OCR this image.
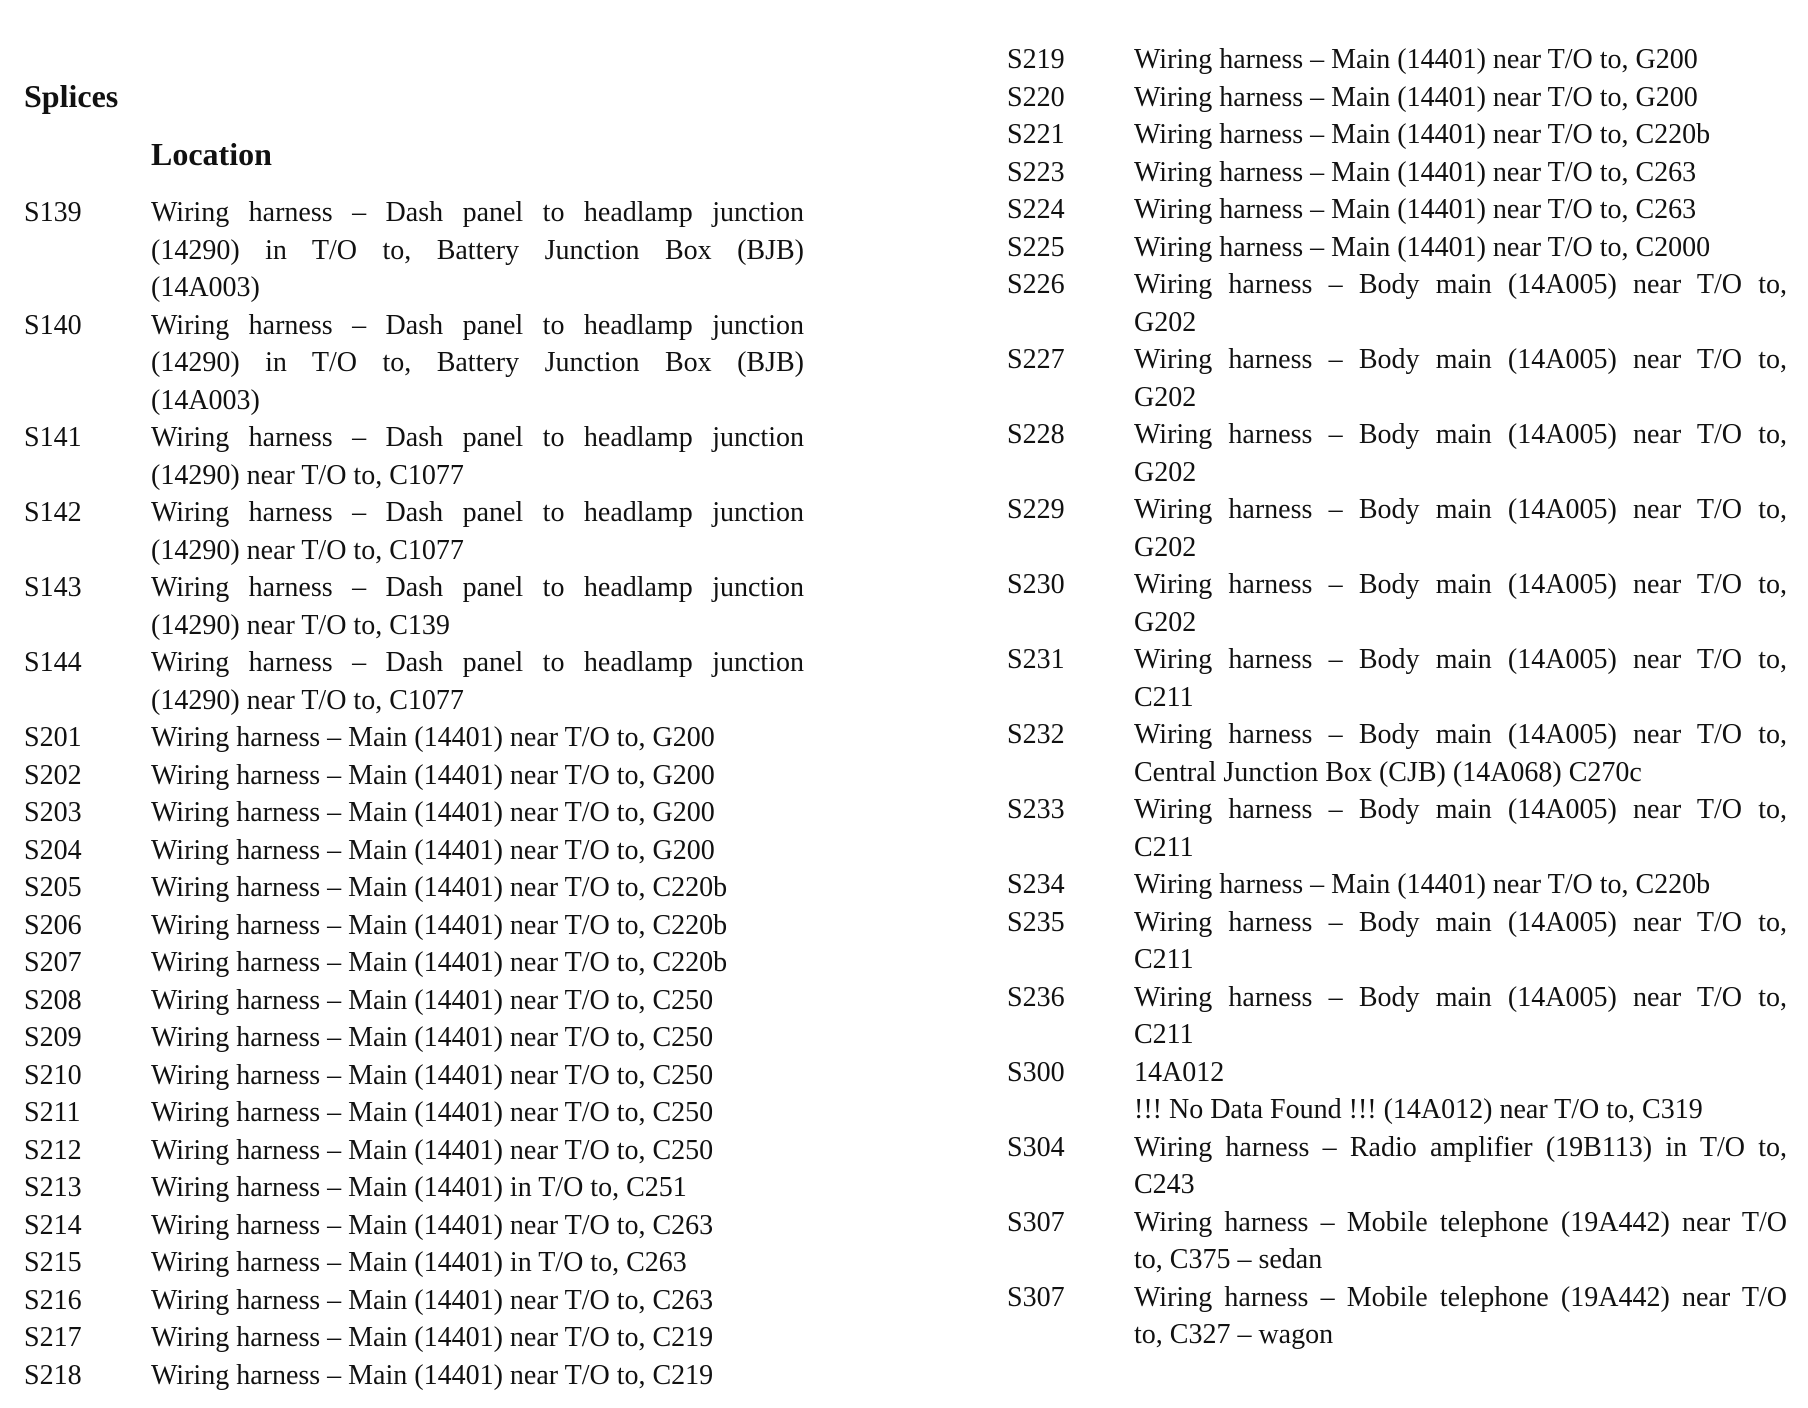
Splices
Location
S139	Wiring harness – Dash panel to headlamp junction
(14290) in T/O to, Battery Junction Box (BJB)
(14A003)
S140	Wiring harness – Dash panel to headlamp junction
(14290) in T/O to, Battery Junction Box (BJB)
(14A003)
S141	Wiring harness – Dash panel to headlamp junction
(14290) near T/O to, C1077
S142	Wiring harness – Dash panel to headlamp junction
(14290) near T/O to, C1077
S143	Wiring harness – Dash panel to headlamp junction
(14290) near T/O to, C139
S144	Wiring harness – Dash panel to headlamp junction
(14290) near T/O to, C1077
S201	Wiring harness – Main (14401) near T/O to, G200
S202	Wiring harness – Main (14401) near T/O to, G200
S203	Wiring harness – Main (14401) near T/O to, G200
S204	Wiring harness – Main (14401) near T/O to, G200
S205	Wiring harness – Main (14401) near T/O to, C220b
S206	Wiring harness – Main (14401) near T/O to, C220b
S207	Wiring harness – Main (14401) near T/O to, C220b
S208	Wiring harness – Main (14401) near T/O to, C250
S209	Wiring harness – Main (14401) near T/O to, C250
S210	Wiring harness – Main (14401) near T/O to, C250
S211	Wiring harness – Main (14401) near T/O to, C250
S212	Wiring harness – Main (14401) near T/O to, C250
S213	Wiring harness – Main (14401) in T/O to, C251
S214	Wiring harness – Main (14401) near T/O to, C263
S215	Wiring harness – Main (14401) in T/O to, C263
S216	Wiring harness – Main (14401) near T/O to, C263
S217	Wiring harness – Main (14401) near T/O to, C219
S218	Wiring harness – Main (14401) near T/O to, C219
S219	Wiring harness – Main (14401) near T/O to, G200
S220	Wiring harness – Main (14401) near T/O to, G200
S221	Wiring harness – Main (14401) near T/O to, C220b
S223	Wiring harness – Main (14401) near T/O to, C263
S224	Wiring harness – Main (14401) near T/O to, C263
S225	Wiring harness – Main (14401) near T/O to, C2000
S226	Wiring harness – Body main (14A005) near T/O to,
G202
S227	Wiring harness – Body main (14A005) near T/O to,
G202
S228	Wiring harness – Body main (14A005) near T/O to,
G202
S229	Wiring harness – Body main (14A005) near T/O to,
G202
S230	Wiring harness – Body main (14A005) near T/O to,
G202
S231	Wiring harness – Body main (14A005) near T/O to,
C211
S232	Wiring harness – Body main (14A005) near T/O to,
Central Junction Box (CJB) (14A068) C270c
S233	Wiring harness – Body main (14A005) near T/O to,
C211
S234	Wiring harness – Main (14401) near T/O to, C220b
S235	Wiring harness – Body main (14A005) near T/O to,
C211
S236	Wiring harness – Body main (14A005) near T/O to,
C211
S300	14A012
!!! No Data Found !!! (14A012) near T/O to, C319
S304	Wiring harness – Radio amplifier (19B113) in T/O to,
C243
S307	Wiring harness – Mobile telephone (19A442) near T/O
to, C375 – sedan
S307	Wiring harness – Mobile telephone (19A442) near T/O
to, C327 – wagon
